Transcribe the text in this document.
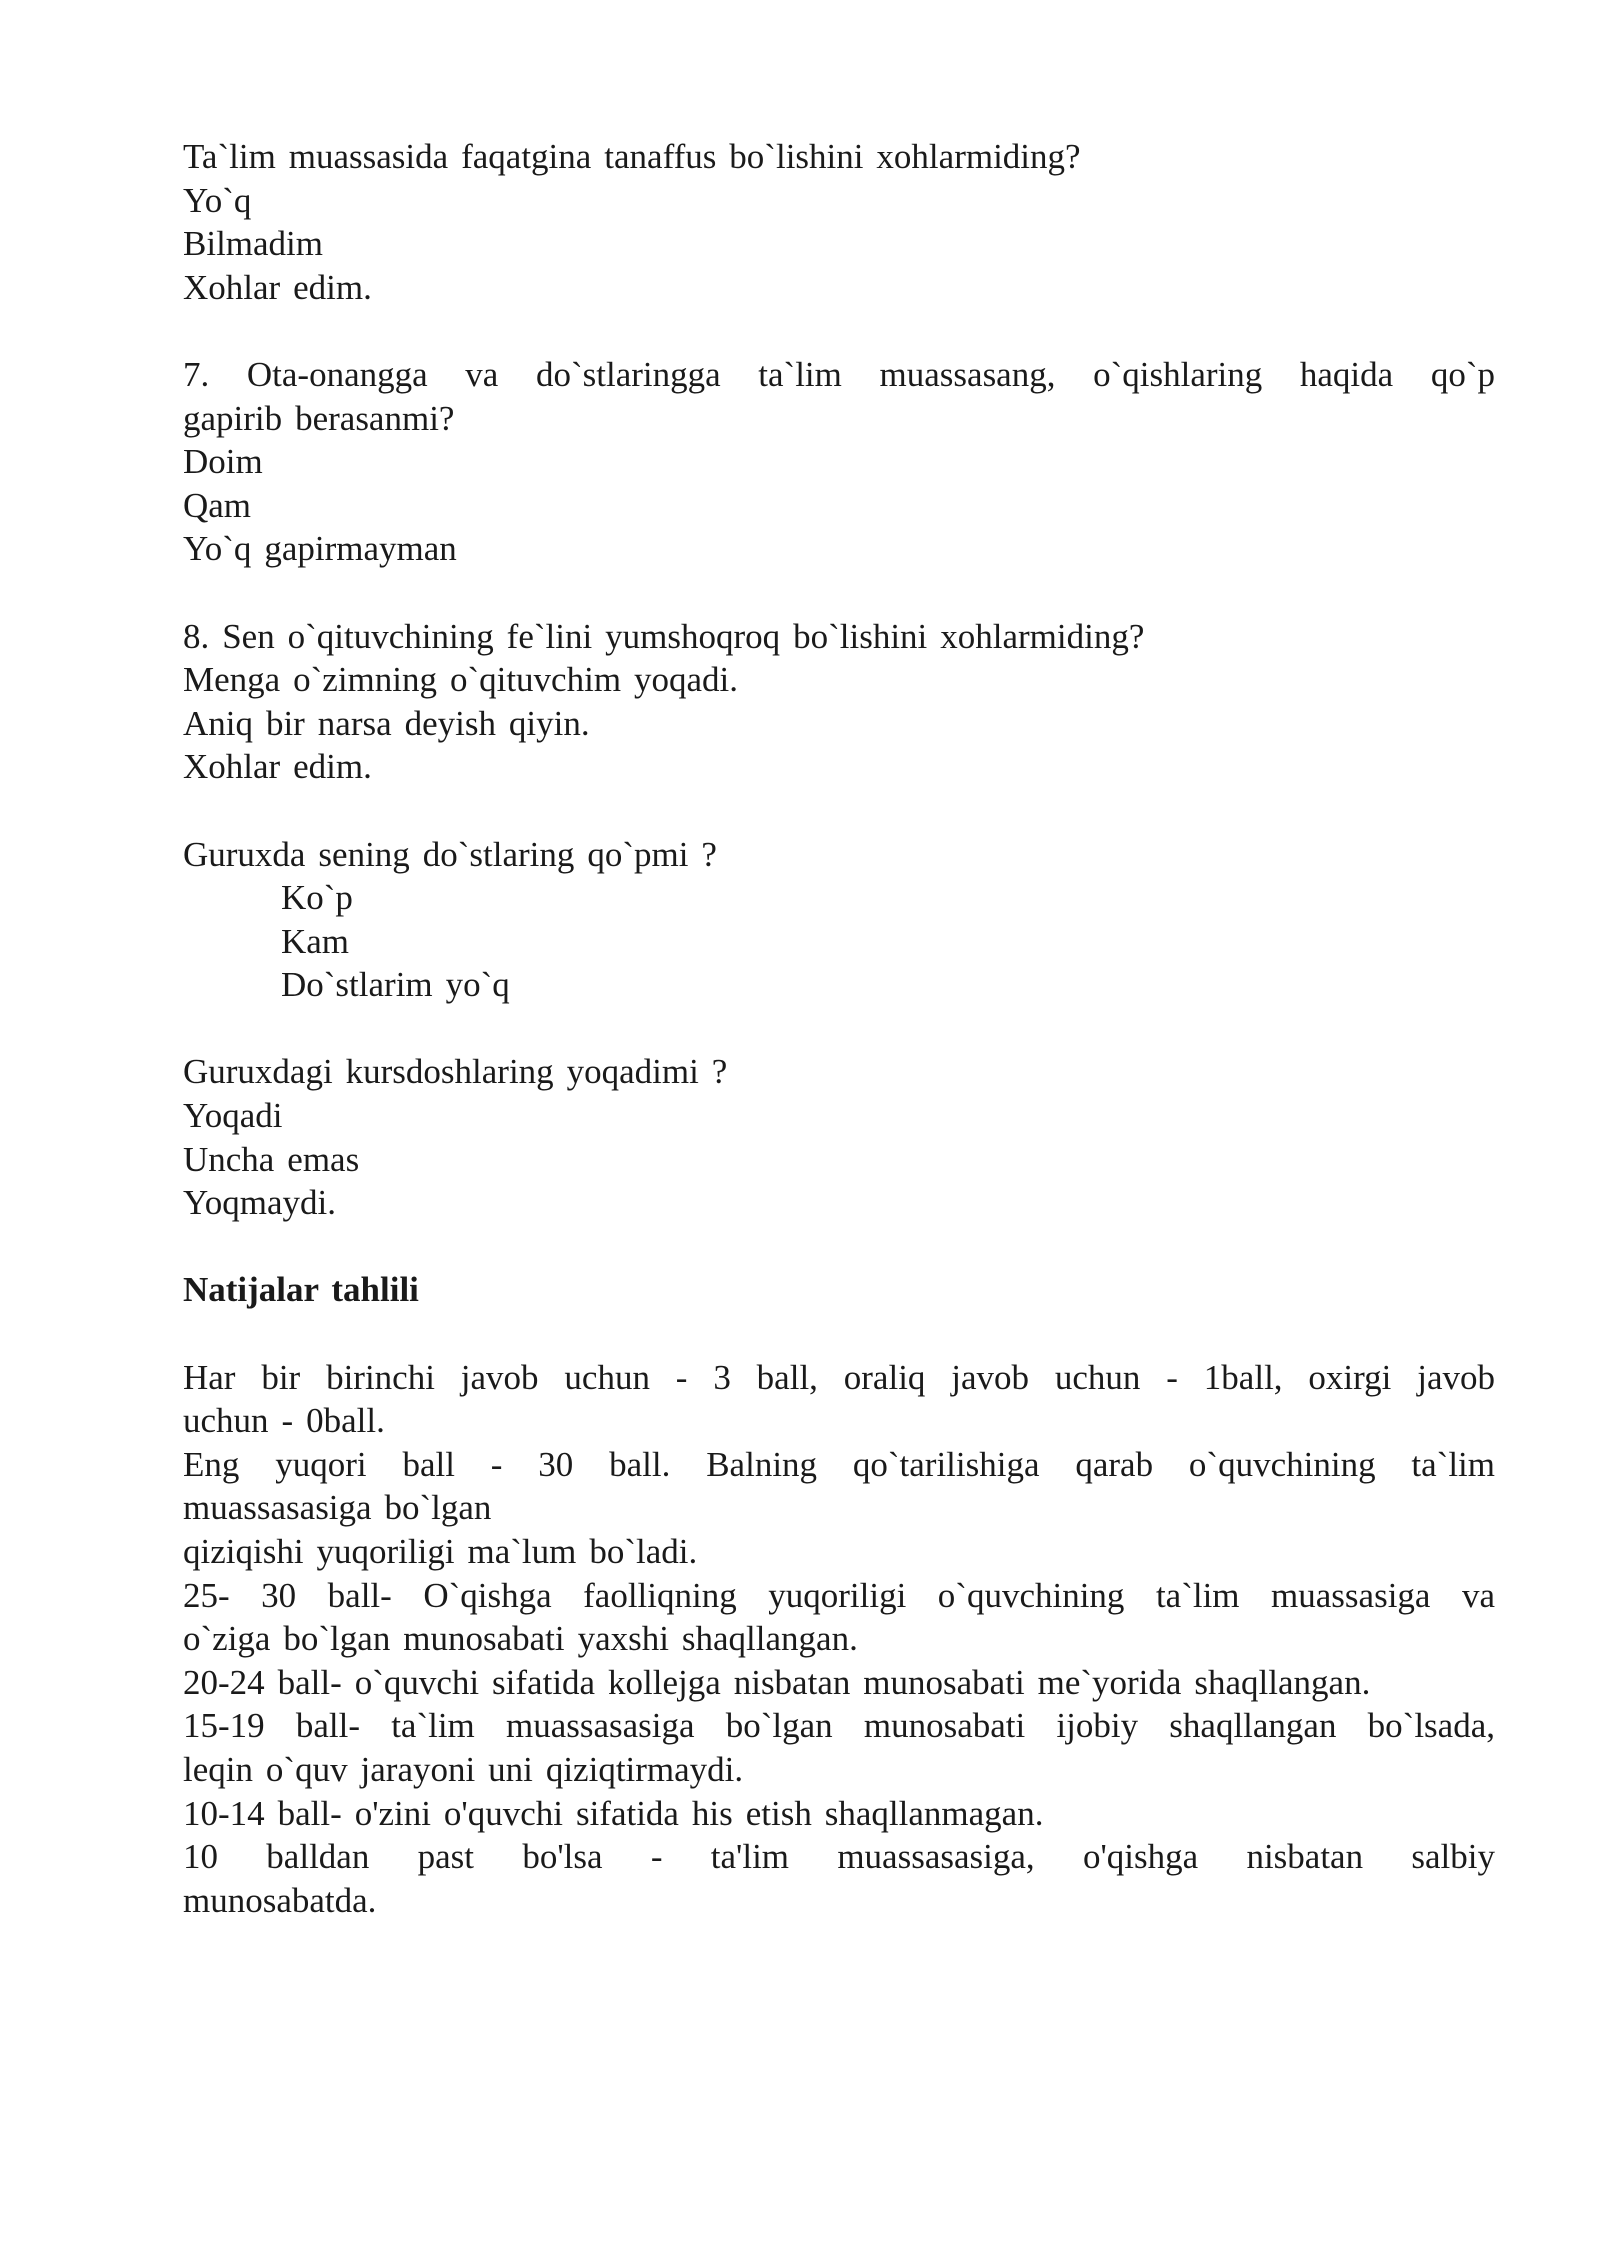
Ta`lim muassasida faqatgina tanaffus bo`lishini xohlarmiding?
Yo`q
Bilmadim
Xohlar edim.
7. Ota-onangga va do`stlaringga ta`lim muassasang, o`qishlaring haqida qo`p
gapirib berasanmi?
Doim
Qam
Yo`q gapirmayman
8. Sen o`qituvchining fe`lini yumshoqroq bo`lishini xohlarmiding?
Menga o`zimning o`qituvchim yoqadi.
Aniq bir narsa deyish qiyin.
Xohlar edim.
Guruxda sening do`stlaring qo`pmi ?
Ko`p
Kam
Do`stlarim yo`q
Guruxdagi kursdoshlaring yoqadimi ?
Yoqadi
Uncha emas
Yoqmaydi.
Natijalar tahlili
Har bir birinchi javob uchun - 3 ball, oraliq javob uchun - 1ball, oxirgi javob
uchun - 0ball.
Eng yuqori ball - 30 ball. Balning qo`tarilishiga qarab o`quvchining ta`lim
muassasasiga bo`lgan
qiziqishi yuqoriligi ma`lum bo`ladi.
25- 30 ball- O`qishga faolliqning yuqoriligi o`quvchining ta`lim muassasiga va
o`ziga bo`lgan munosabati yaxshi shaqllangan.
20-24 ball- o`quvchi sifatida kollejga nisbatan munosabati me`yorida shaqllangan.
15-19 ball- ta`lim muassasasiga bo`lgan munosabati ijobiy shaqllangan bo`lsada,
leqin o`quv jarayoni uni qiziqtirmaydi.
10-14 ball- o'zini o'quvchi sifatida his etish shaqllanmagan.
10 balldan past bo'lsa - ta'lim muassasasiga, o'qishga nisbatan salbiy
munosabatda.
